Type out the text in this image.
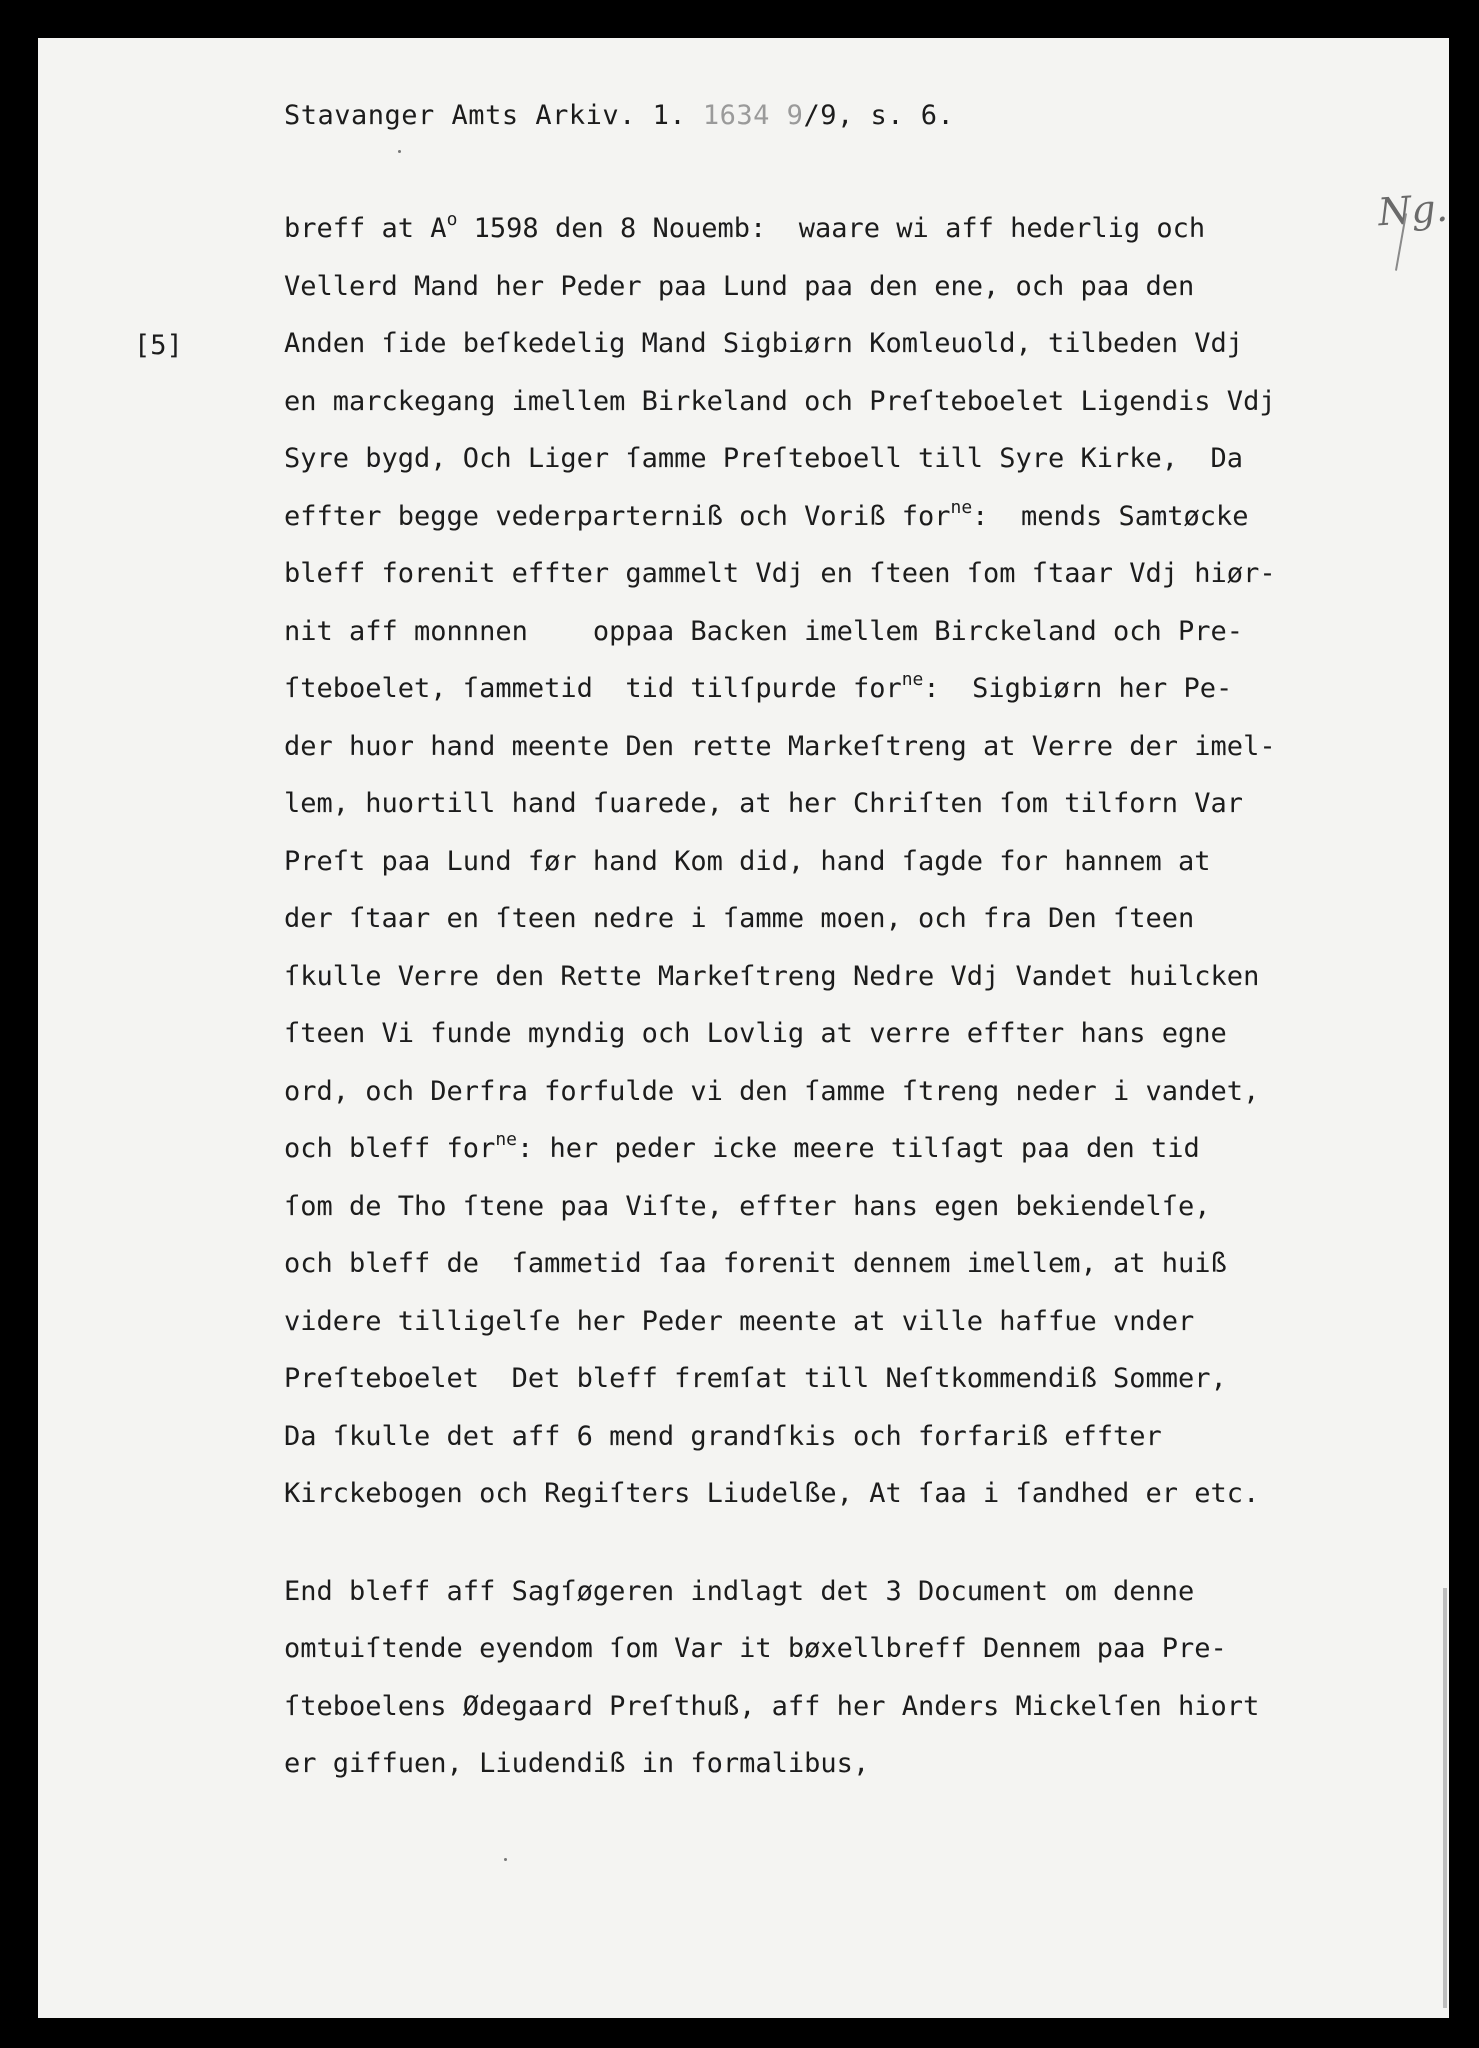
Stavanger Amts Arkiv. 1. 1634 9/9, s. 6.
[5]
Ng.
breff at $A^o$ 1598 den 8 Nouemb:  waare wi aff hederlig och
Vellerd Mand her Peder paa Lund paa den ene, och paa den
Anden ſide beſkedelig Mand Sigbiørn Komleuold, tilbeden Vdj
en marckegang imellem Birkeland och Preſteboelet Ligendis Vdj
Syre bygd, Och Liger ſamme Preſteboell till Syre Kirke,  Da
effter begge vederparterniß och Voriß for$^{ne}$:  mends Samtøcke
bleff forenit effter gammelt Vdj en ſteen ſom ſtaar Vdj hiør-
nit aff monnnen    oppaa Backen imellem Birckeland och Pre-
ſteboelet, ſammetid  tid tilſpurde for$^{ne}$:  Sigbiørn her Pe-
der huor hand meente Den rette Markeſtreng at Verre der imel-
lem, huortill hand ſuarede, at her Chriſten ſom tilforn Var
Preſt paa Lund før hand Kom did, hand ſagde for hannem at
der ſtaar en ſteen nedre i ſamme moen, och fra Den ſteen
ſkulle Verre den Rette Markeſtreng Nedre Vdj Vandet huilcken
ſteen Vi funde myndig och Lovlig at verre effter hans egne
ord, och Derfra forfulde vi den ſamme ſtreng neder i vandet,
och bleff for$^{ne}$: her peder icke meere tilſagt paa den tid
ſom de Tho ſtene paa Viſte, effter hans egen bekiendelſe,
och bleff de  ſammetid ſaa forenit dennem imellem, at huiß
videre tilligelſe her Peder meente at ville haffue vnder
Preſteboelet  Det bleff fremſat till Neſtkommendiß Sommer,
Da ſkulle det aff 6 mend grandſkis och forfariß effter
Kirckebogen och Regiſters Liudelße, At ſaa i ſandhed er etc.
End bleff aff Sagſøgeren indlagt det 3 Document om denne
omtuiſtende eyendom ſom Var it bøxellbreff Dennem paa Pre-
ſteboelens Ødegaard Preſthuß, aff her Anders Mickelſen hiort
er giffuen, Liudendiß in formalibus,
